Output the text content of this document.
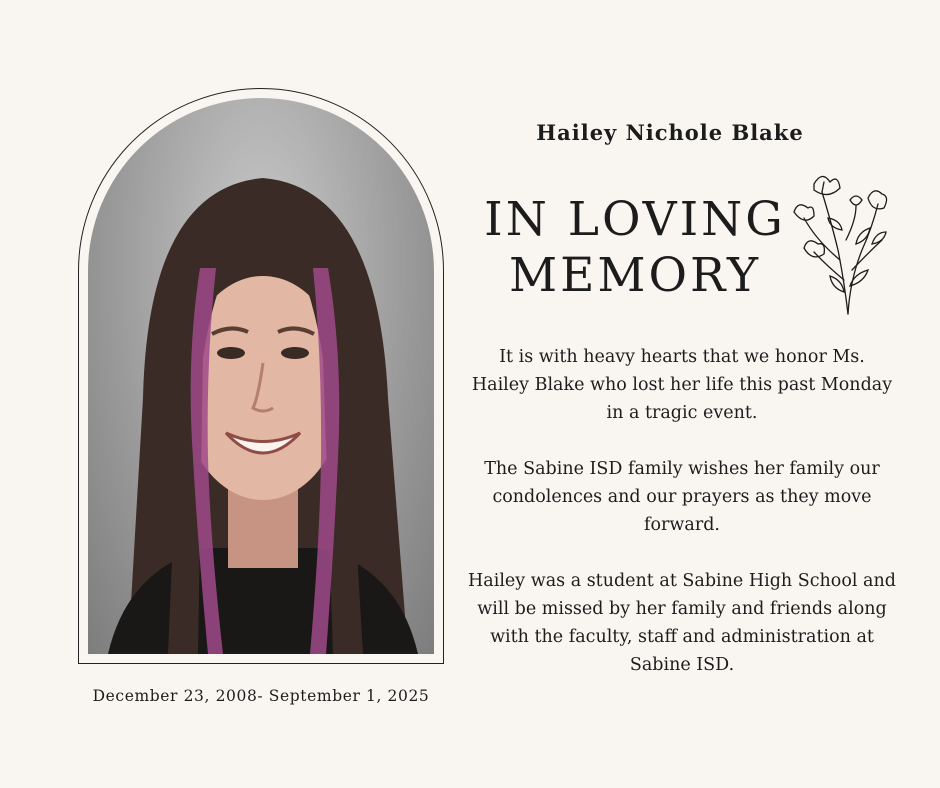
December 23, 2008- September 1, 2025
Hailey Nichole Blake
IN LOVING
MEMORY

It is with heavy hearts that we honor Ms. Hailey Blake who lost her life this past Monday in a tragic event.

The Sabine ISD family wishes her family our condolences and our prayers as they move forward.

Hailey was a student at Sabine High School and will be missed by her family and friends along with the faculty, staff and administration at Sabine ISD.
